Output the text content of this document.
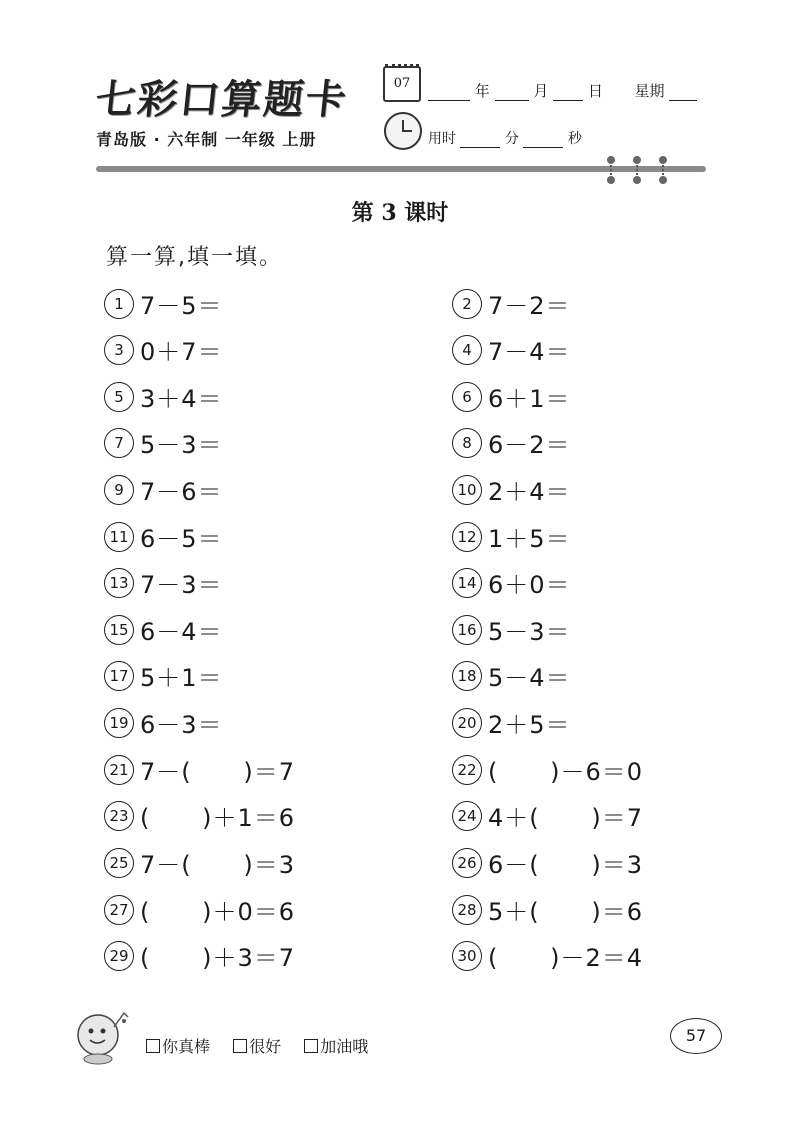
七彩口算题卡	07	年	月	日 星期
青岛版 · 六年制 一年级 上册	用时	分	秒
第 3 课时
算一算,填一填。
1 7－5＝	2 7－2＝
3 0＋7＝	4 7－4＝
5 3＋4＝	6 6＋1＝
7 5－3＝	8 6－2＝
9 7－6＝	10 2＋4＝
11 6－5＝	12 1＋5＝
13 7－3＝	14 6＋0＝
15 6－4＝	16 5－3＝
17 5＋1＝	18 5－4＝
19 6－3＝	20 2＋5＝
21 7－(      )＝7	22 (      )－6＝0
23 (      )＋1＝6	24 4＋(      )＝7
25 7－(      )＝3	26 6－(      )＝3
27 (      )＋0＝6	28 5＋(      )＝6
29 (      )＋3＝7	30 (      )－2＝4
你真棒 很好 加油哦
57
